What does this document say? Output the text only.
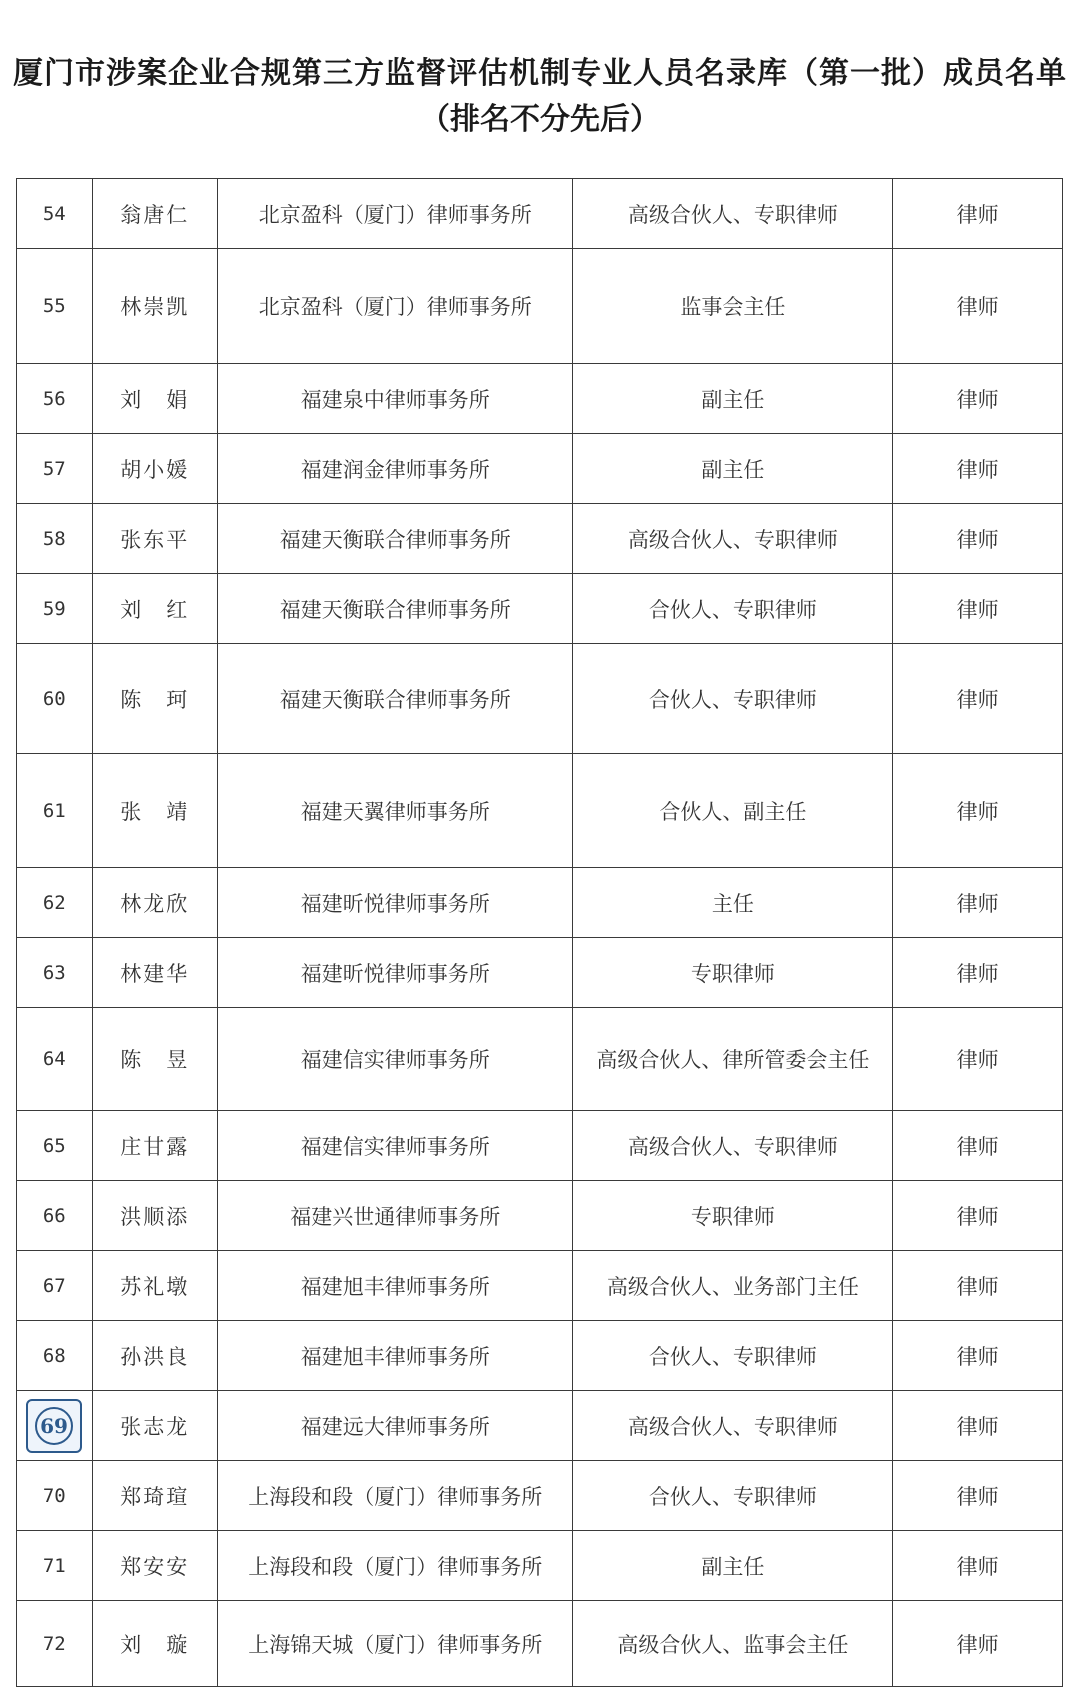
厦门市涉案企业合规第三方监督评估机制专业人员名录库（第一批）成员名单
（排名不分先后）
54	翁唐仁	北京盈科（厦门）律师事务所	高级合伙人、专职律师	律师
55	林崇凯	北京盈科（厦门）律师事务所	监事会主任	律师
56	刘　娟	福建泉中律师事务所	副主任	律师
57	胡小媛	福建润金律师事务所	副主任	律师
58	张东平	福建天衡联合律师事务所	高级合伙人、专职律师	律师
59	刘　红	福建天衡联合律师事务所	合伙人、专职律师	律师
60	陈　珂	福建天衡联合律师事务所	合伙人、专职律师	律师
61	张　靖	福建天翼律师事务所	合伙人、副主任	律师
62	林龙欣	福建昕悦律师事务所	主任	律师
63	林建华	福建昕悦律师事务所	专职律师	律师
64	陈　昱	福建信实律师事务所	高级合伙人、律所管委会主任	律师
65	庄甘露	福建信实律师事务所	高级合伙人、专职律师	律师
66	洪顺添	福建兴世通律师事务所	专职律师	律师
67	苏礼墩	福建旭丰律师事务所	高级合伙人、业务部门主任	律师
68	孙洪良	福建旭丰律师事务所	合伙人、专职律师	律师

69	张志龙	福建远大律师事务所	高级合伙人、专职律师	律师
70	郑琦瑄	上海段和段（厦门）律师事务所	合伙人、专职律师	律师
71	郑安安	上海段和段（厦门）律师事务所	副主任	律师
72	刘　璇	上海锦天城（厦门）律师事务所	高级合伙人、监事会主任	律师
